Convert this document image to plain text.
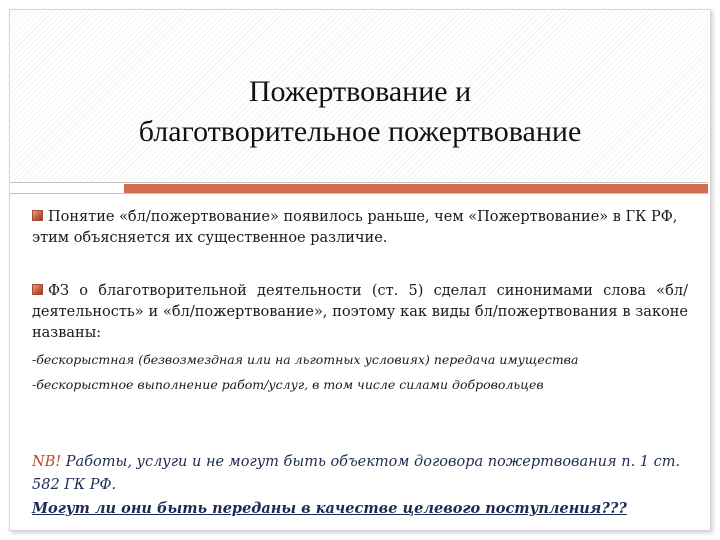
Пожертвование и
благотворительное пожертвование
Понятие «бл/пожертвование» появилось раньше, чем «Пожертвование» в ГК РФ, этим объясняется их существенное различие.
ФЗ о благотворительной деятельности (ст. 5) сделал синонимами слова «бл/деятельность» и «бл/пожертвование», поэтому как виды бл/пожертвования в законе названы:
-бескорыстная (безвозмездная или на льготных условиях) передача имущества
-бескорыстное выполнение работ/услуг, в том числе силами добровольцев
NB! Работы, услуги и не могут быть объектом договора пожертвования п. 1 ст. 582 ГК РФ.
Могут ли они быть переданы в качестве целевого поступления???
